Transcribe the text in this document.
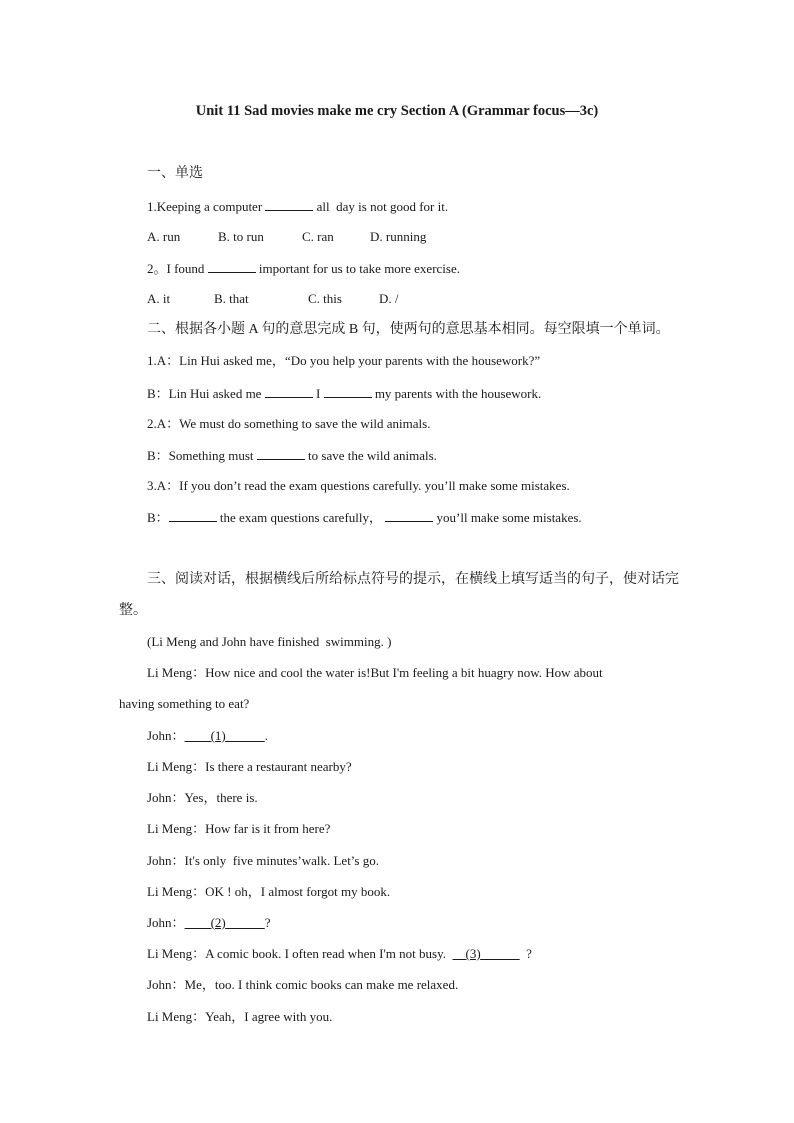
Unit 11 Sad movies make me cry Section A (Grammar focus—3c)
一、单选
1.Keeping a computer	all  day is not good for it.
A. run	B. to run	C. ran	D. running
2。I found	important for us to take more exercise.
A. it	B. that	C. this	D. /
二、根据各小题 A 句的意思完成 B 句，使两句的意思基本相同。每空限填一个单词。
1.A：Lin Hui asked me，“Do you help your parents with the housework?”
B：Lin Hui asked me	I	my parents with the housework.
2.A：We must do something to save the wild animals.
B：Something must	to save the wild animals.
3.A：If you don’t read the exam questions carefully. you’ll make some mistakes.
B：	the exam questions carefully，	you’ll make some mistakes.
三、阅读对话，根据横线后所给标点符号的提示，在横线上填写适当的句子，使对话完
整。
(Li Meng and John have finished  swimming. )
Li Meng：How nice and cool the water is!But I'm feeling a bit huagry now. How about
having something to eat?
John：     (1)      	.
Li Meng：Is there a restaurant nearby?
John：Yes，there is.
Li Meng：How far is it from here?
John：It's only  five minutes’walk. Let’s go.
Li Meng：OK ! oh，I almost forgot my book.
John：     (2)      	?
Li Meng：A comic book. I often read when I'm not busy.     (3)      	?
John：Me，too. I think comic books can make me relaxed.
Li Meng：Yeah，I agree with you.
